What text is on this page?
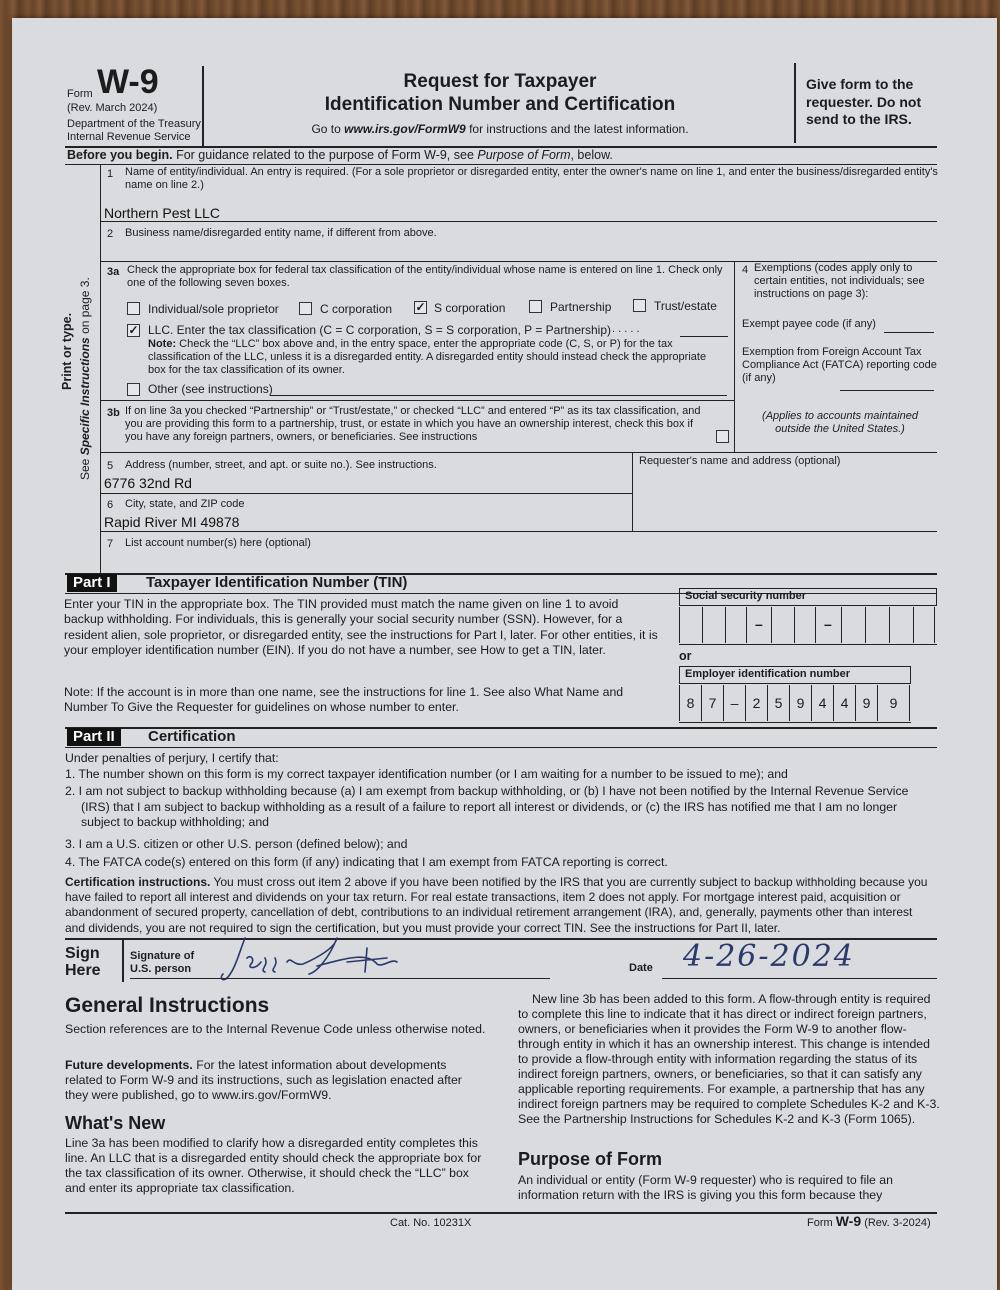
Form W-9
(Rev. March 2024)
Department of the Treasury
Internal Revenue Service
Request for Taxpayer
Identification Number and Certification
Go to www.irs.gov/FormW9 for instructions and the latest information.
Give form to the requester. Do not send to the IRS.
Before you begin. For guidance related to the purpose of Form W-9, see Purpose of Form, below.
Print or type.
See Specific Instructions on page 3.
1 Name of entity/individual. An entry is required. (For a sole proprietor or disregarded entity, enter the owner's name on line 1, and enter the business/disregarded entity's name on line 2.)
Northern Pest LLC
2 Business name/disregarded entity name, if different from above.
3a Check the appropriate box for federal tax classification of the entity/individual whose name is entered on line 1. Check only one of the following seven boxes.
Individual/sole proprietor	C corporation ✓ S corporation	Partnership	Trust/estate
✓ LLC. Enter the tax classification (C = C corporation, S = S corporation, P = Partnership) . . . . .
Note: Check the “LLC” box above and, in the entry space, enter the appropriate code (C, S, or P) for the tax classification of the LLC, unless it is a disregarded entity. A disregarded entity should instead check the appropriate box for the tax classification of its owner.
Other (see instructions)
3b If on line 3a you checked “Partnership” or “Trust/estate,” or checked “LLC” and entered “P” as its tax classification, and you are providing this form to a partnership, trust, or estate in which you have an ownership interest, check this box if you have any foreign partners, owners, or beneficiaries. See instructions
4 Exemptions (codes apply only to certain entities, not individuals; see instructions on page 3):
Exempt payee code (if any)
Exemption from Foreign Account Tax Compliance Act (FATCA) reporting code (if any)
(Applies to accounts maintained outside the United States.)
5 Address (number, street, and apt. or suite no.). See instructions.
6776 32nd Rd
Requester's name and address (optional)
6 City, state, and ZIP code
Rapid River MI 49878
7 List account number(s) here (optional)
Part I	Taxpayer Identification Number (TIN)
Enter your TIN in the appropriate box. The TIN provided must match the name given on line 1 to avoid backup withholding. For individuals, this is generally your social security number (SSN). However, for a resident alien, sole proprietor, or disregarded entity, see the instructions for Part I, later. For other entities, it is your employer identification number (EIN). If you do not have a number, see How to get a TIN, later.
Note: If the account is in more than one name, see the instructions for line 1. See also What Name and Number To Give the Requester for guidelines on whose number to enter.
Social security number
–	–
or
Employer identification number
8	7	–	2	5	9	4	4	9	9
Part II	Certification
Under penalties of perjury, I certify that:
1. The number shown on this form is my correct taxpayer identification number (or I am waiting for a number to be issued to me); and
2. I am not subject to backup withholding because (a) I am exempt from backup withholding, or (b) I have not been notified by the Internal Revenue Service (IRS) that I am subject to backup withholding as a result of a failure to report all interest or dividends, or (c) the IRS has notified me that I am no longer subject to backup withholding; and
3. I am a U.S. citizen or other U.S. person (defined below); and
4. The FATCA code(s) entered on this form (if any) indicating that I am exempt from FATCA reporting is correct.
Certification instructions. You must cross out item 2 above if you have been notified by the IRS that you are currently subject to backup withholding because you have failed to report all interest and dividends on your tax return. For real estate transactions, item 2 does not apply. For mortgage interest paid, acquisition or abandonment of secured property, cancellation of debt, contributions to an individual retirement arrangement (IRA), and, generally, payments other than interest and dividends, you are not required to sign the certification, but you must provide your correct TIN. See the instructions for Part II, later.
Sign
Here
Signature of
U.S. person	Date 4-26-2024
General Instructions
Section references are to the Internal Revenue Code unless otherwise noted.
Future developments. For the latest information about developments related to Form W-9 and its instructions, such as legislation enacted after they were published, go to www.irs.gov/FormW9.
What's New
Line 3a has been modified to clarify how a disregarded entity completes this line. An LLC that is a disregarded entity should check the appropriate box for the tax classification of its owner. Otherwise, it should check the “LLC” box and enter its appropriate tax classification.
New line 3b has been added to this form. A flow-through entity is required to complete this line to indicate that it has direct or indirect foreign partners, owners, or beneficiaries when it provides the Form W-9 to another flow-through entity in which it has an ownership interest. This change is intended to provide a flow-through entity with information regarding the status of its indirect foreign partners, owners, or beneficiaries, so that it can satisfy any applicable reporting requirements. For example, a partnership that has any indirect foreign partners may be required to complete Schedules K-2 and K-3. See the Partnership Instructions for Schedules K-2 and K-3 (Form 1065).
Purpose of Form
An individual or entity (Form W-9 requester) who is required to file an information return with the IRS is giving you this form because they
Cat. No. 10231X	Form W-9 (Rev. 3-2024)
